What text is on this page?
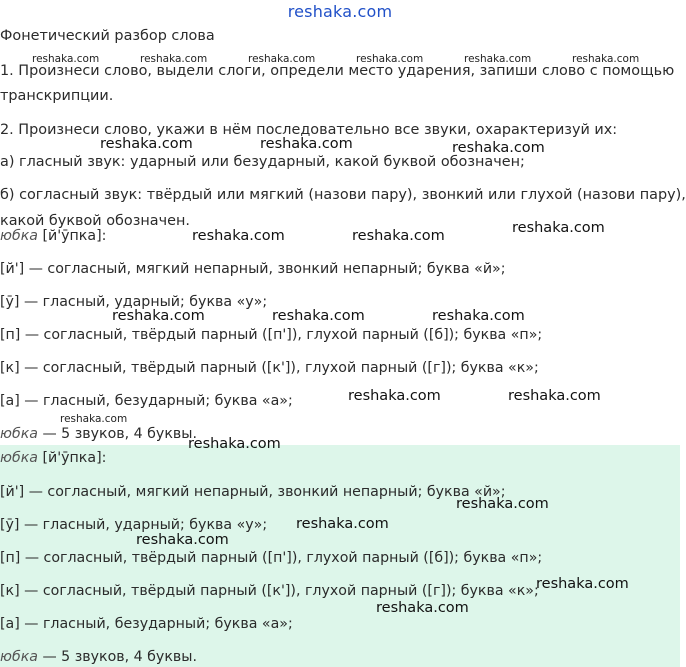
reshaka.com
Фонетический разбор слова
1. Произнеси слово, выдели слоги, определи место ударения, запиши слово с помощью
транскрипции.
2. Произнеси слово, укажи в нём последовательно все звуки, охарактеризуй их:
а) гласный звук: ударный или безударный, какой буквой обозначен;
б) согласный звук: твёрдый или мягкий (назови пару), звонкий или глухой (назови пару),
какой буквой обозначен.
юбка [й'ӯпка]:
[й'] — согласный, мягкий непарный, звонкий непарный; буква «й»;
[ӯ] — гласный, ударный; буква «у»;
[п] — согласный, твёрдый парный ([п']), глухой парный ([б]); буква «п»;
[к] — согласный, твёрдый парный ([к']), глухой парный ([г]); буква «к»;
[а] — гласный, безударный; буква «а»;
юбка — 5 звуков, 4 буквы.
юбка [й'ӯпка]:
[й'] — согласный, мягкий непарный, звонкий непарный; буква «й»;
[ӯ] — гласный, ударный; буква «у»;
[п] — согласный, твёрдый парный ([п']), глухой парный ([б]); буква «п»;
[к] — согласный, твёрдый парный ([к']), глухой парный ([г]); буква «к»;
[а] — гласный, безударный; буква «а»;
юбка — 5 звуков, 4 буквы.
reshaka.com	reshaka.com	reshaka.com	reshaka.com	reshaka.com	reshaka.com
reshaka.com	reshaka.com	reshaka.com
reshaka.com	reshaka.com	reshaka.com
reshaka.com	reshaka.com	reshaka.com
reshaka.com	reshaka.com
reshaka.com
reshaka.com
reshaka.com
reshaka.com
reshaka.com
reshaka.com
reshaka.com
